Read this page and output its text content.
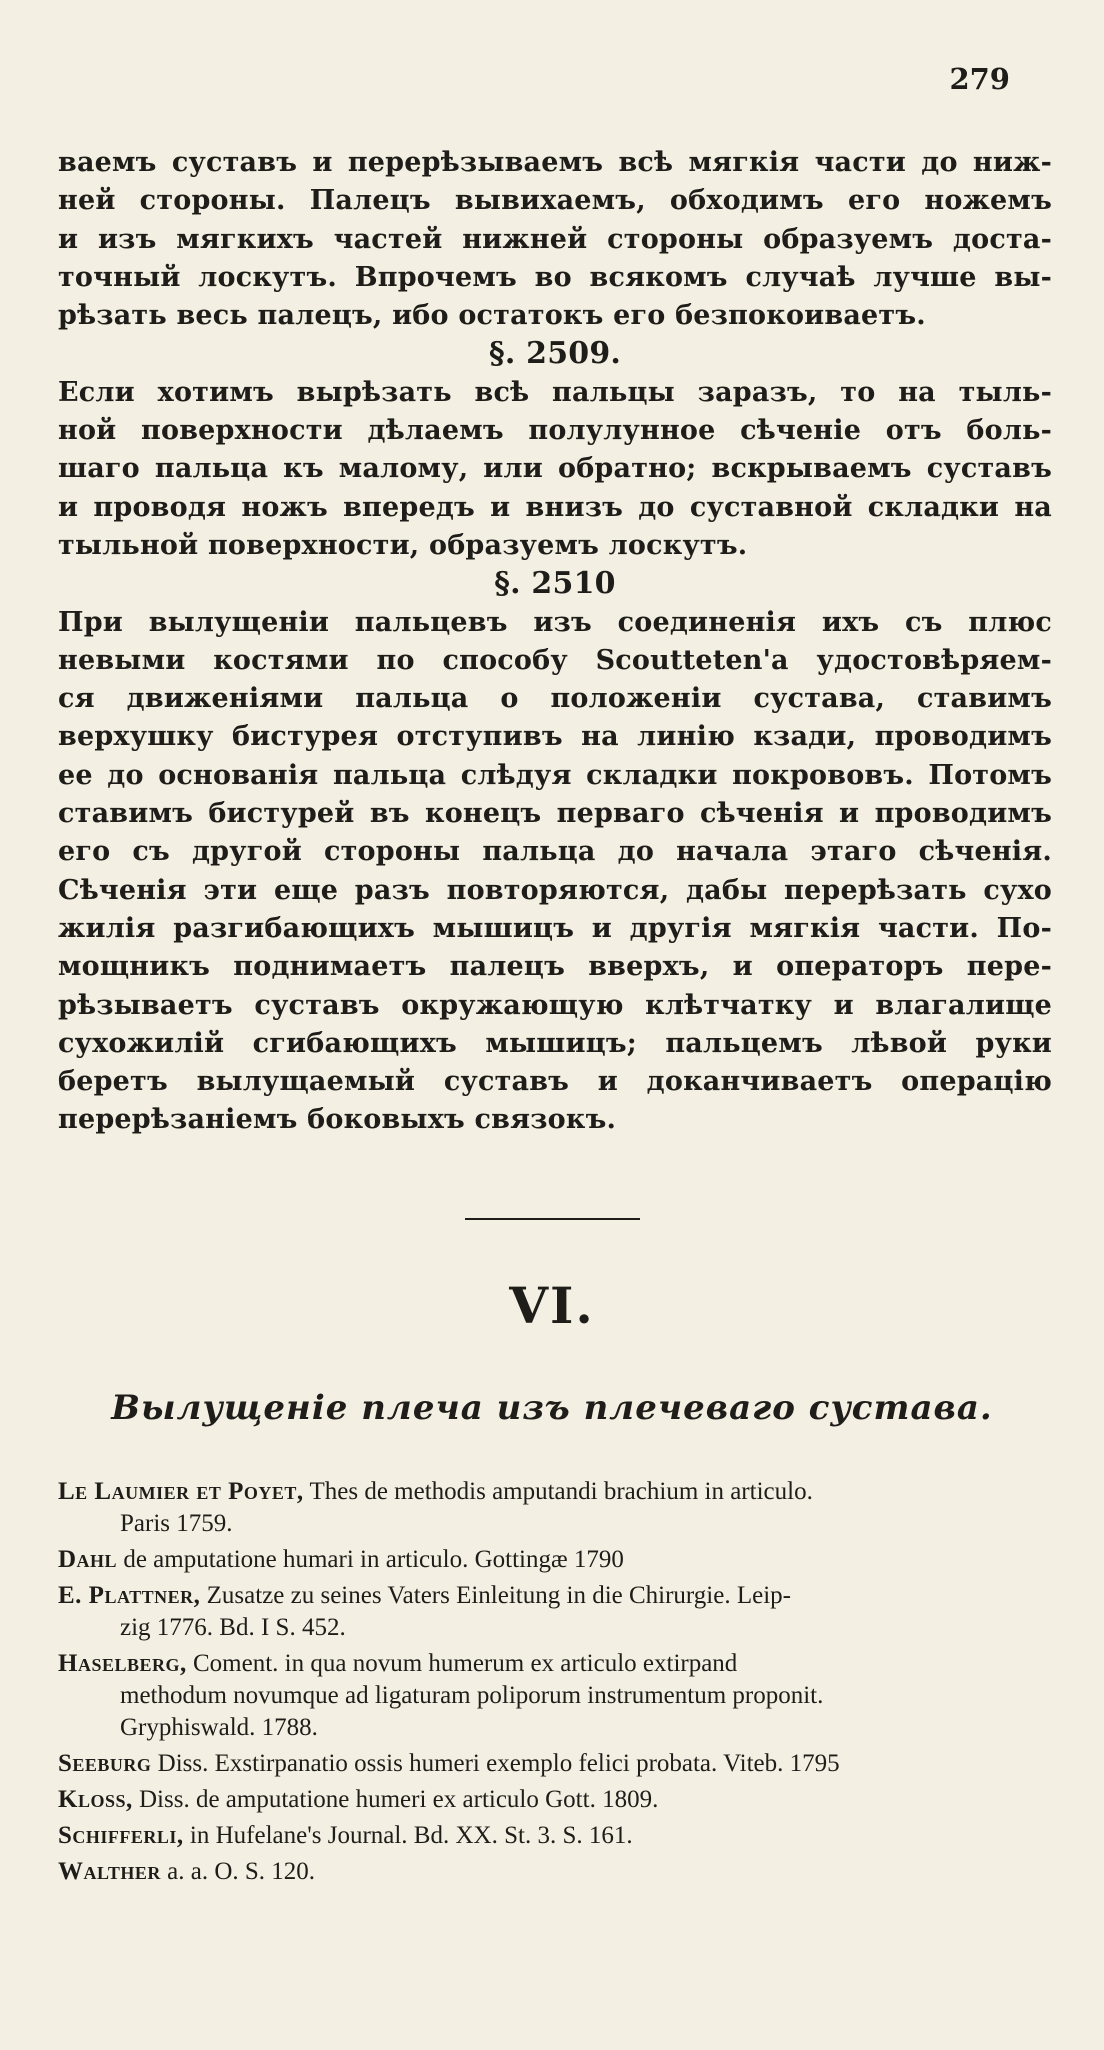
279

ваемъ суставъ и перерѣзываемъ всѣ мягкія части до ниж-
ней стороны. Палецъ вывихаемъ, обходимъ его ножемъ
и изъ мягкихъ частей нижней стороны образуемъ доста-
точный лоскутъ. Впрочемъ во всякомъ случаѣ лучше вы-
рѣзать весь палецъ, ибо остатокъ его безпокоиваетъ.

§. 2509.

Если хотимъ вырѣзать всѣ пальцы заразъ, то на тыль-
ной поверхности дѣлаемъ полулунное сѣченіе отъ боль-
шаго пальца къ малому, или обратно; вскрываемъ суставъ
и проводя ножъ впередъ и внизъ до суставной складки на
тыльной поверхности, образуемъ лоскутъ.

§. 2510

При вылущеніи пальцевъ изъ соединенія ихъ съ плюс
невыми костями по способу Scoutteten'а удостовѣряем-
ся движеніями пальца о положеніи сустава, ставимъ
верхушку бистурея отступивъ на линію кзади, проводимъ
ее до основанія пальца слѣдуя складки покрововъ. Потомъ
ставимъ бистурей въ конецъ перваго сѣченія и проводимъ
его съ другой стороны пальца до начала этаго сѣченія.
Сѣченія эти еще разъ повторяются, дабы перерѣзать сухо
жилія разгибающихъ мышицъ и другія мягкія части. По-
мощникъ поднимаетъ палецъ вверхъ, и операторъ пере-
рѣзываетъ суставъ окружающую клѣтчатку и влагалище
сухожилій сгибающихъ мышицъ; пальцемъ лѣвой руки
беретъ вылущаемый суставъ и доканчиваетъ операцію
перерѣзаніемъ боковыхъ связокъ.

VI.
Вылущеніе плеча изъ плечеваго сустава.

Le Laumier et Poyet, Thes de methodis amputandi brachium in articulo.
Paris 1759.

Dahl de amputatione humari in articulo. Gottingæ 1790

E. Plattner, Zusatze zu seines Vaters Einleitung in die Chirurgie. Leip-
zig 1776. Bd. I S. 452.

Haselberg, Coment. in qua novum humerum ex articulo extirpand
methodum novumque ad ligaturam poliporum instrumentum proponit.
Gryphiswald. 1788.

Seeburg Diss. Exstirpanatio ossis humeri exemplo felici probata. Viteb. 1795

Kloss, Diss. de amputatione humeri ex articulo Gott. 1809.

Schifferli, in Hufelane's Journal. Bd. XX. St. 3. S. 161.

Walther a. a. O. S. 120.
